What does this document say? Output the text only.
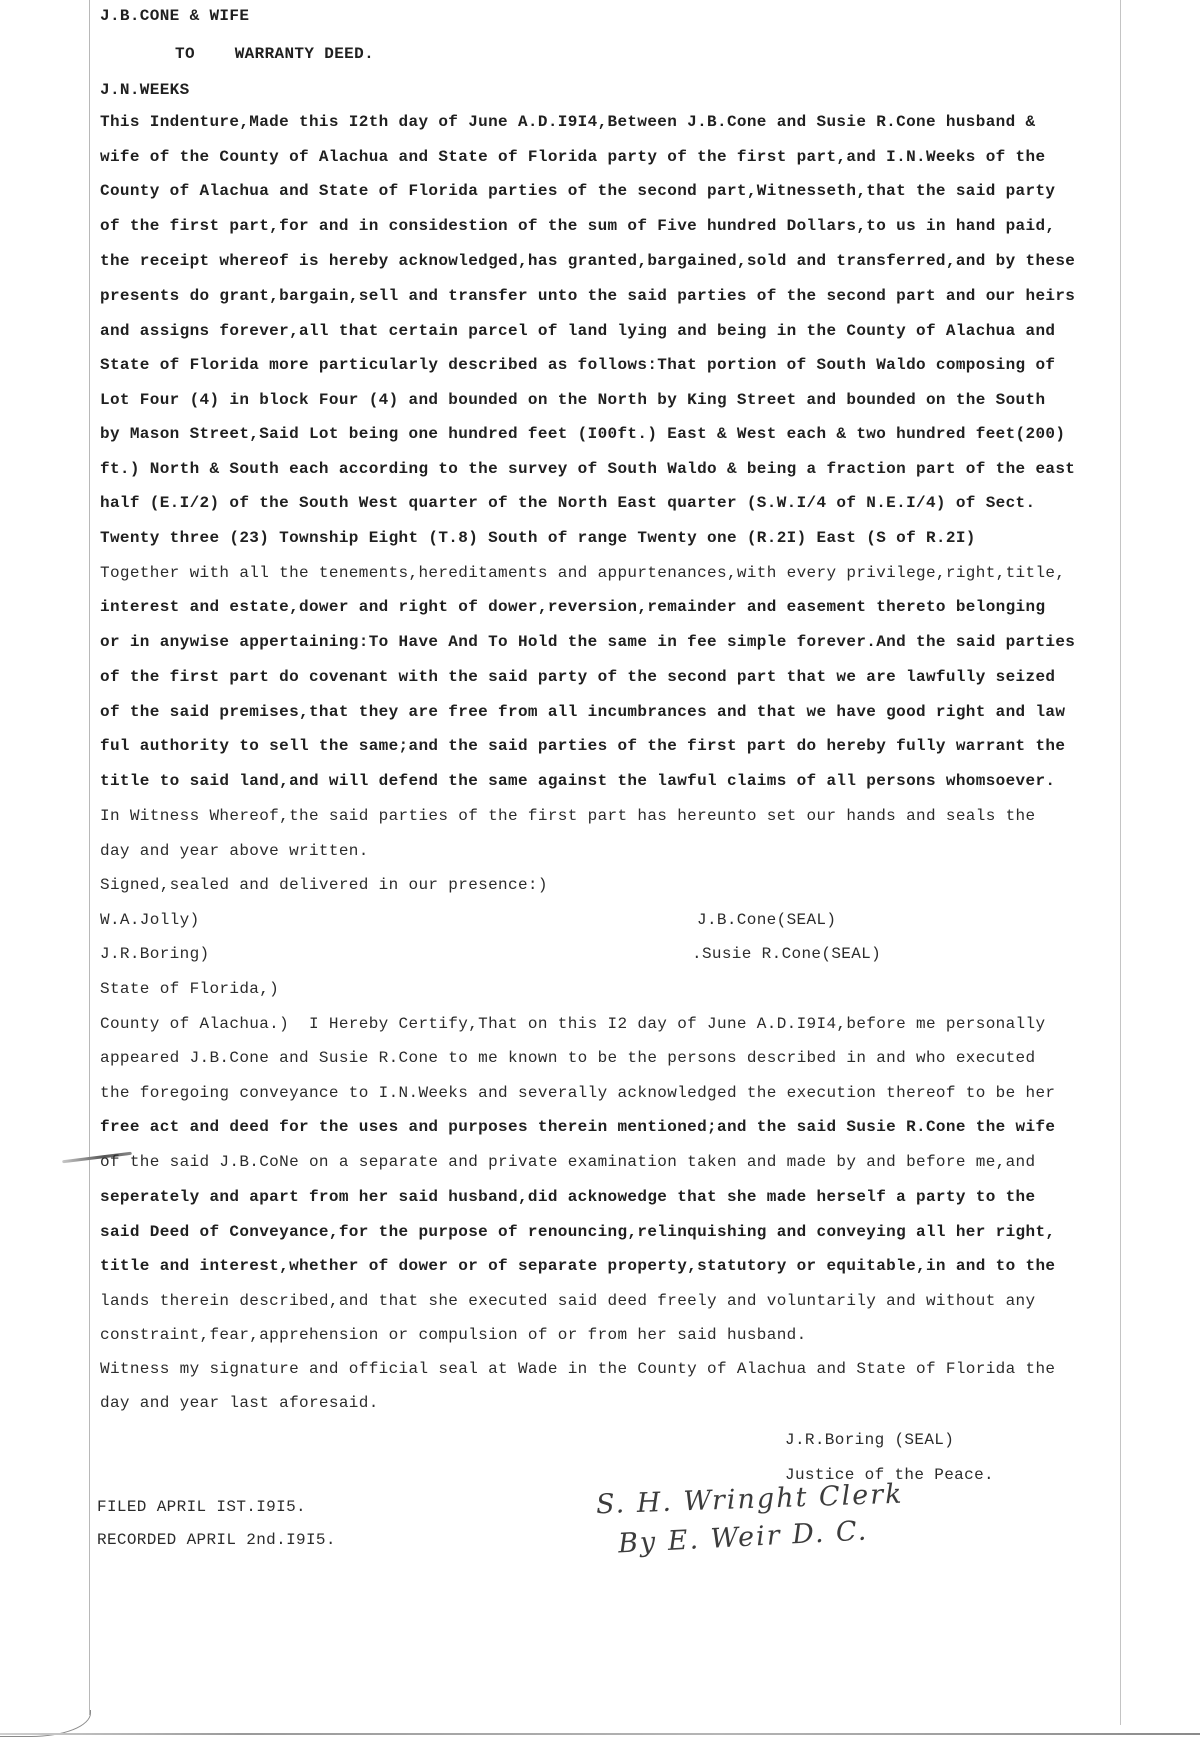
J.B.CONE & WIFE
TO    WARRANTY DEED.
J.N.WEEKS
This Indenture,Made this I2th day of June A.D.I9I4,Between J.B.Cone and Susie R.Cone husband &
wife of the County of Alachua and State of Florida party of the first part,and I.N.Weeks of the
County of Alachua and State of Florida parties of the second part,Witnesseth,that the said party
of the first part,for and in considestion of the sum of Five hundred Dollars,to us in hand paid,
the receipt whereof is hereby acknowledged,has granted,bargained,sold and transferred,and by these
presents do grant,bargain,sell and transfer unto the said parties of the second part and our heirs
and assigns forever,all that certain parcel of land lying and being in the County of Alachua and
State of Florida more particularly described as follows:That portion of South Waldo composing of
Lot Four (4) in block Four (4) and bounded on the North by King Street and bounded on the South
by Mason Street,Said Lot being one hundred feet (I00ft.) East & West each & two hundred feet(200)
ft.) North & South each according to the survey of South Waldo & being a fraction part of the east
half (E.I/2) of the South West quarter of the North East quarter (S.W.I/4 of N.E.I/4) of Sect.
Twenty three (23) Township Eight (T.8) South of range Twenty one (R.2I) East (S of R.2I)
Together with all the tenements,hereditaments and appurtenances,with every privilege,right,title,
interest and estate,dower and right of dower,reversion,remainder and easement thereto belonging
or in anywise appertaining:To Have And To Hold the same in fee simple forever.And the said parties
of the first part do covenant with the said party of the second part that we are lawfully seized
of the said premises,that they are free from all incumbrances and that we have good right and law
ful authority to sell the same;and the said parties of the first part do hereby fully warrant the
title to said land,and will defend the same against the lawful claims of all persons whomsoever.
In Witness Whereof,the said parties of the first part has hereunto set our hands and seals the
day and year above written.
Signed,sealed and delivered in our presence:)
W.A.Jolly)	J.B.Cone(SEAL)
J.R.Boring)	.Susie R.Cone(SEAL)
State of Florida,)
County of Alachua.)  I Hereby Certify,That on this I2 day of June A.D.I9I4,before me personally
appeared J.B.Cone and Susie R.Cone to me known to be the persons described in and who executed
the foregoing conveyance to I.N.Weeks and severally acknowledged the execution thereof to be her
free act and deed for the uses and purposes therein mentioned;and the said Susie R.Cone the wife
of the said J.B.CoNe on a separate and private examination taken and made by and before me,and
seperately and apart from her said husband,did acknowedge that she made herself a party to the
said Deed of Conveyance,for the purpose of renouncing,relinquishing and conveying all her right,
title and interest,whether of dower or of separate property,statutory or equitable,in and to the
lands therein described,and that she executed said deed freely and voluntarily and without any
constraint,fear,apprehension or compulsion of or from her said husband.
Witness my signature and official seal at Wade in the County of Alachua and State of Florida the
day and year last aforesaid.
J.R.Boring (SEAL)
Justice of the Peace.
FILED APRIL IST.I9I5.
RECORDED APRIL 2nd.I9I5.
S. H. Wringht Clerk
By E. Weir D. C.
